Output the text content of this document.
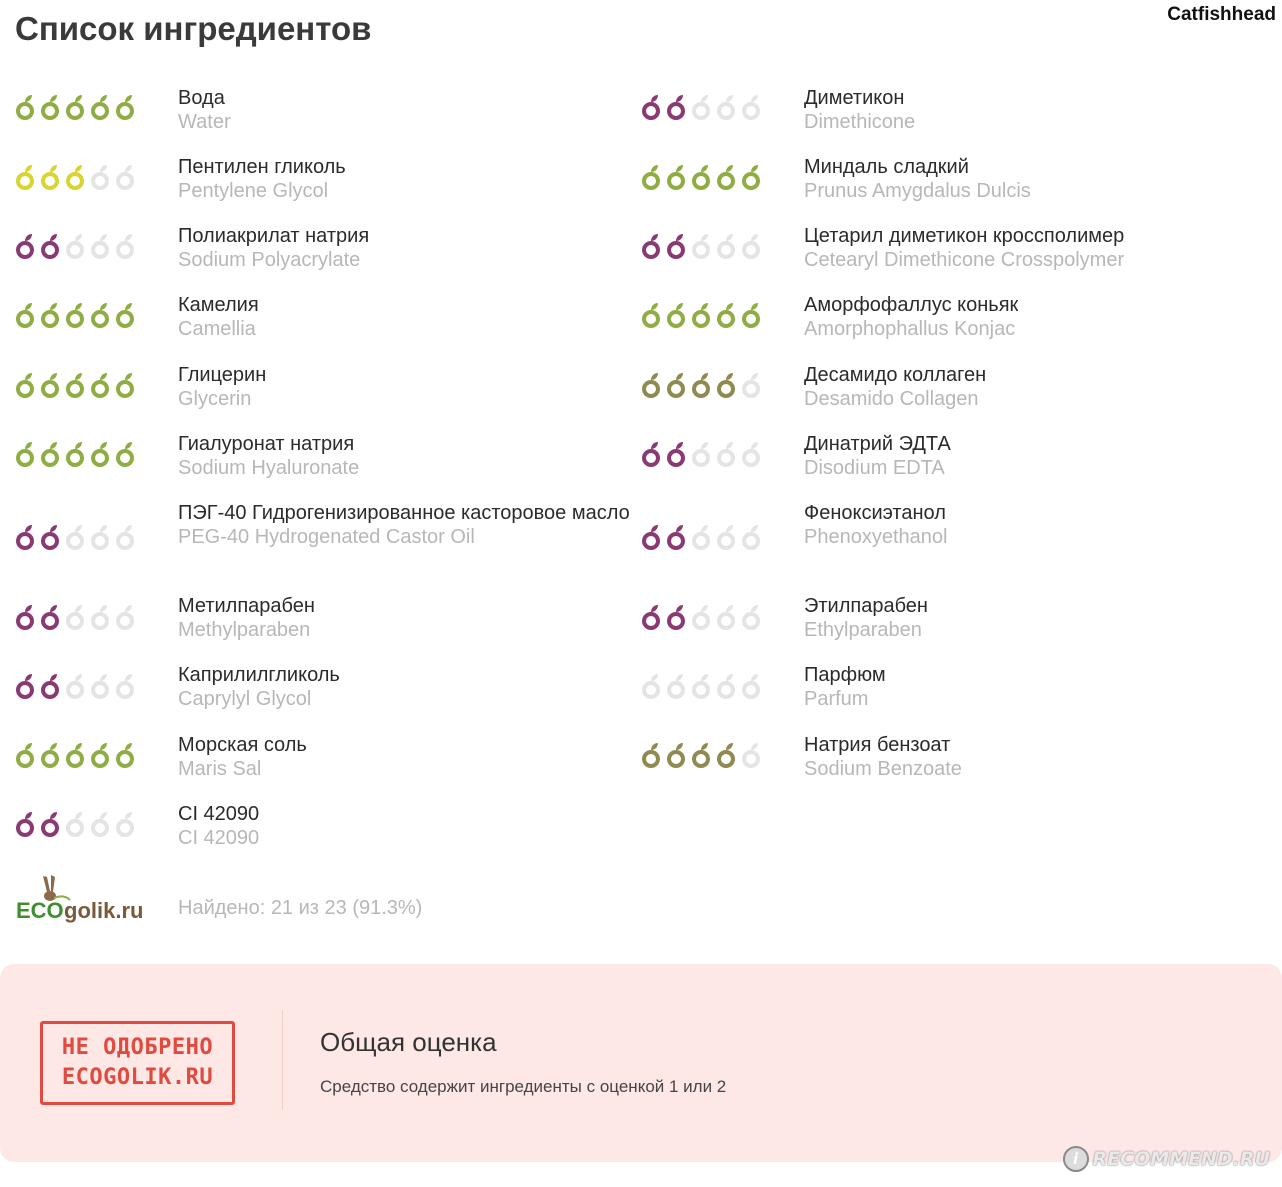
Список ингредиентов	Catfishhead
Вода
Water
Пентилен гликоль
Pentylene Glycol
Полиакрилат натрия
Sodium Polyacrylate
Камелия
Camellia
Глицерин
Glycerin
Гиалуронат натрия
Sodium Hyaluronate
ПЭГ-40 Гидрогенизированное касторовое масло
PEG-40 Hydrogenated Castor Oil
Метилпарабен
Methylparaben
Каприлилгликоль
Caprylyl Glycol
Морская соль
Maris Sal
CI 42090
CI 42090
Диметикон
Dimethicone
Миндаль сладкий
Prunus Amygdalus Dulcis
Цетарил диметикон кроссполимер
Cetearyl Dimethicone Crosspolymer
Аморфофаллус коньяк
Amorphophallus Konjac
Десамидо коллаген
Desamido Collagen
Динатрий ЭДТА
Disodium EDTA
Феноксиэтанол
Phenoxyethanol
Этилпарабен
Ethylparaben
Парфюм
Parfum
Натрия бензоат
Sodium Benzoate
ECO golik.ru Найдено: 21 из 23 (91.3%)
НЕ ОДОБРЕНО
ECOGOLIK.RU
Общая оценка
Средство содержит ингредиенты с оценкой 1 или 2
i RECOMMEND.RU
